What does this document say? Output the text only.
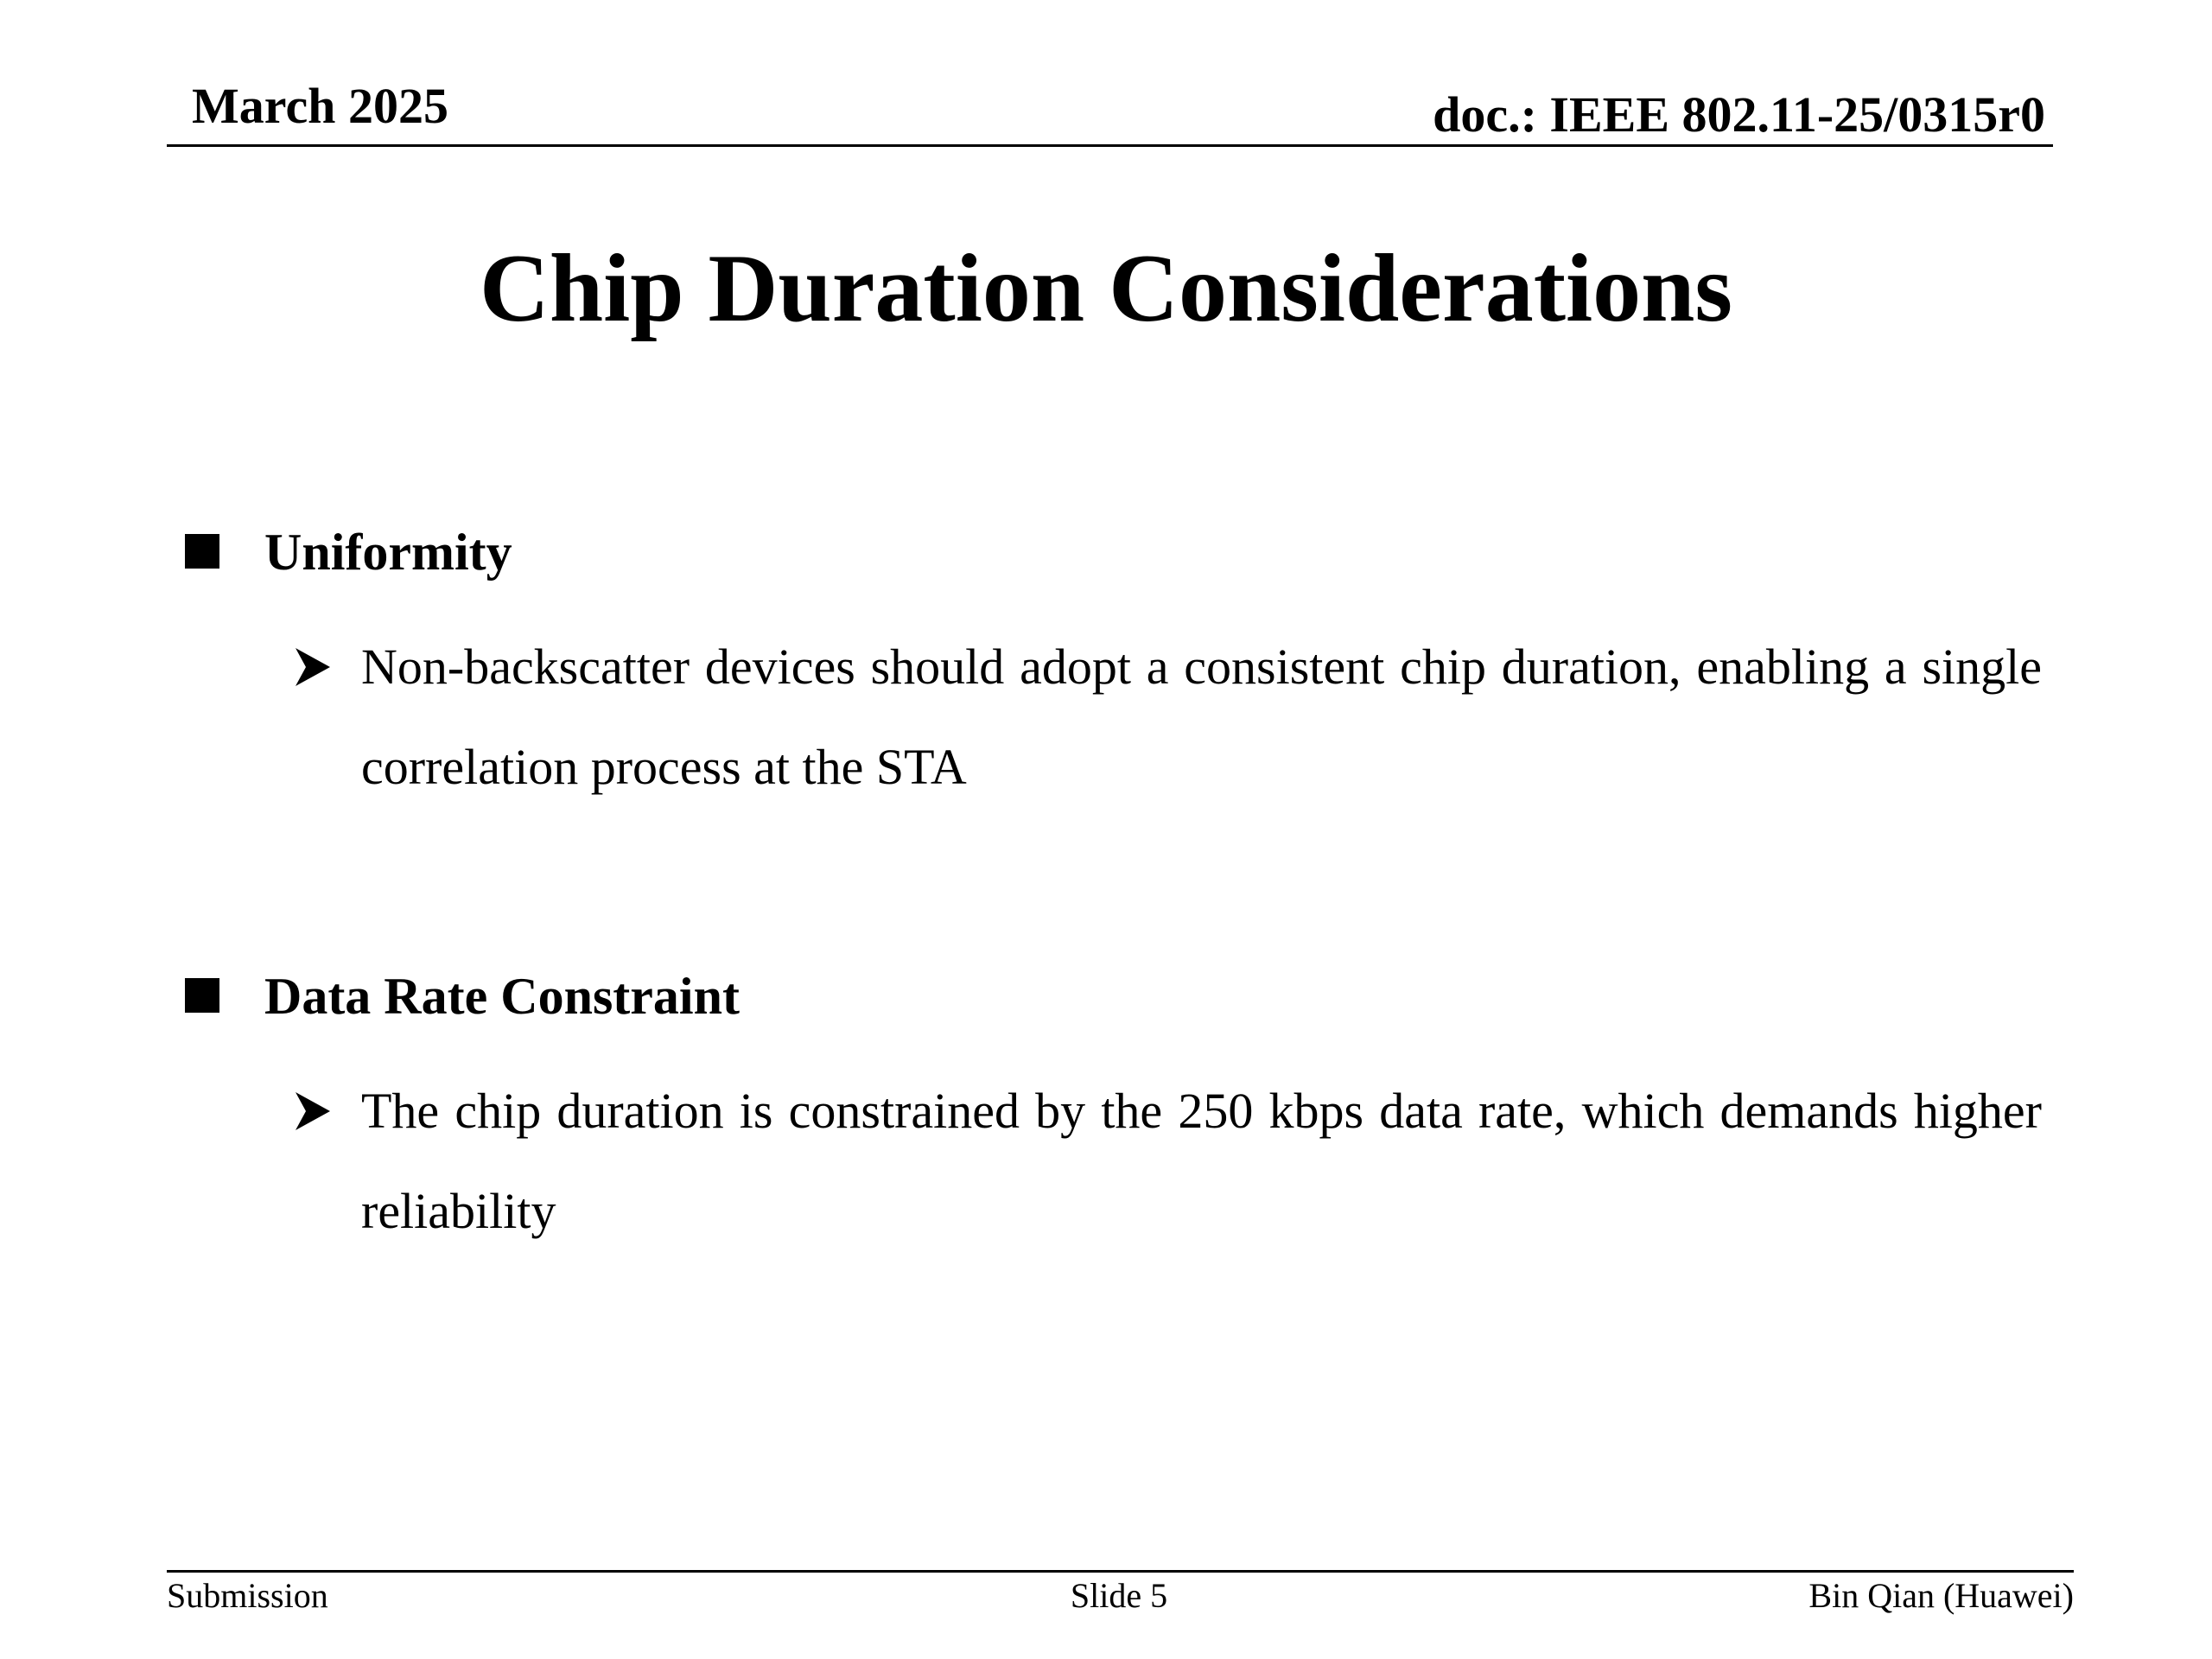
March 2025	doc.: IEEE 802.11-25/0315r0
Chip Duration Considerations
Uniformity
Non-backscatter devices should adopt a consistent chip duration, enabling a single correlation process at the STA
Data Rate Constraint
The chip duration is constrained by the 250 kbps data rate, which demands higher reliability
Submission	Slide 5	Bin Qian (Huawei)
